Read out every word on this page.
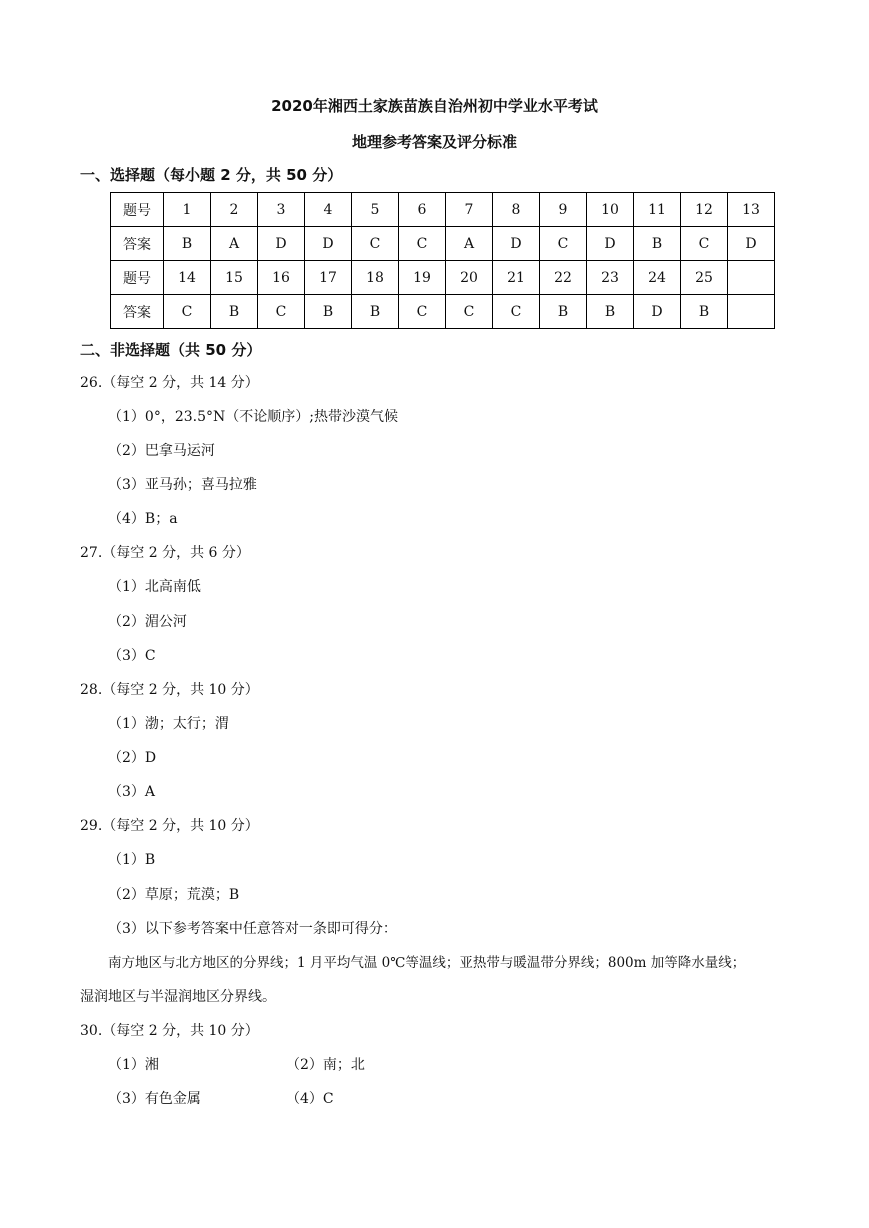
2020年湘西土家族苗族自治州初中学业水平考试
地理参考答案及评分标准
一、选择题（每小题 2 分，共 50 分）
题号	1	2	3	4	5	6	7	8	9	10	11	12	13
答案	B	A	D	D	C	C	A	D	C	D	B	C	D
题号	14	15	16	17	18	19	20	21	22	23	24	25	
答案	C	B	C	B	B	C	C	C	B	B	D	B	
二、非选择题（共 50 分）
26.（每空 2 分，共 14 分）
（1）0°，23.5°N（不论顺序）;热带沙漠气候
（2）巴拿马运河
（3）亚马孙；喜马拉雅
（4）B；a
27.（每空 2 分，共 6 分）
（1）北高南低
（2）湄公河
（3）C
28.（每空 2 分，共 10 分）
（1）渤；太行；渭
（2）D
（3）A
29.（每空 2 分，共 10 分）
（1）B
（2）草原；荒漠；B
（3）以下参考答案中任意答对一条即可得分：
南方地区与北方地区的分界线；1 月平均气温 0℃等温线；亚热带与暖温带分界线；800m 加等降水量线；
湿润地区与半湿润地区分界线。
30.（每空 2 分，共 10 分）
（1）湘	（2）南；北
（3）有色金属	（4）C
